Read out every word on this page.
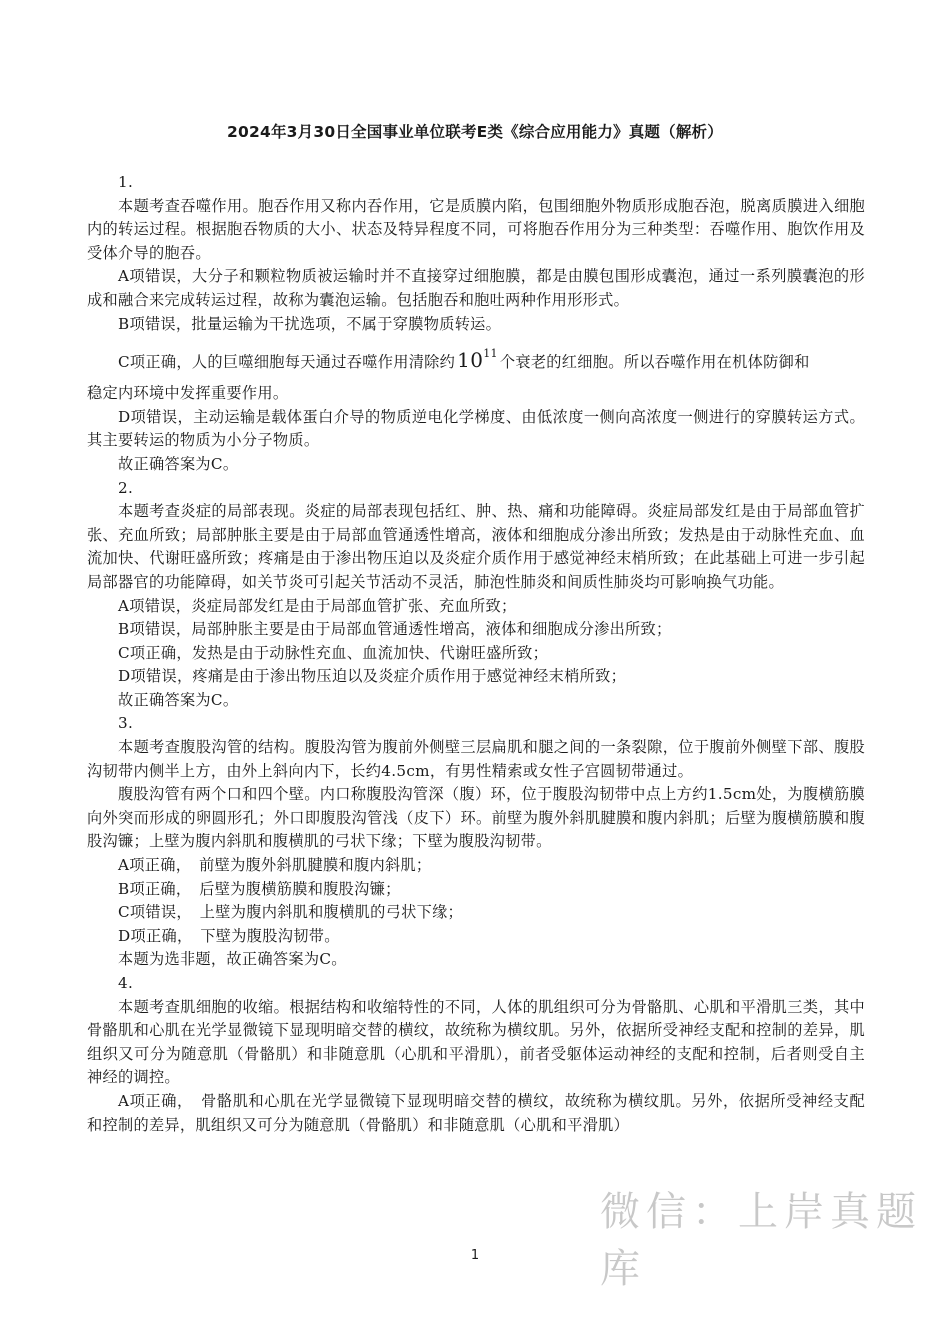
2024年3月30日全国事业单位联考E类《综合应用能力》真题（解析）

1.

本题考查吞噬作用。胞吞作用又称内吞作用，它是质膜内陷，包围细胞外物质形成胞吞泡，脱离质膜进入细胞内的转运过程。根据胞吞物质的大小、状态及特异程度不同，可将胞吞作用分为三种类型：吞噬作用、胞饮作用及受体介导的胞吞。

A项错误，大分子和颗粒物质被运输时并不直接穿过细胞膜，都是由膜包围形成囊泡，通过一系列膜囊泡的形成和融合来完成转运过程，故称为囊泡运输。包括胞吞和胞吐两种作用形形式。

B项错误，批量运输为干扰选项，不属于穿膜物质转运。

C项正确，人的巨噬细胞每天通过吞噬作用清除约 $10^{11}$ 个衰老的红细胞。所以吞噬作用在机体防御和

稳定内环境中发挥重要作用。

D项错误，主动运输是载体蛋白介导的物质逆电化学梯度、由低浓度一侧向高浓度一侧进行的穿膜转运方式。其主要转运的物质为小分子物质。

故正确答案为C。

2.

本题考查炎症的局部表现。炎症的局部表现包括红、肿、热、痛和功能障碍。炎症局部发红是由于局部血管扩张、充血所致；局部肿胀主要是由于局部血管通透性增高，液体和细胞成分渗出所致；发热是由于动脉性充血、血流加快、代谢旺盛所致；疼痛是由于渗出物压迫以及炎症介质作用于感觉神经末梢所致；在此基础上可进一步引起局部器官的功能障碍，如关节炎可引起关节活动不灵活，肺泡性肺炎和间质性肺炎均可影响换气功能。

A项错误，炎症局部发红是由于局部血管扩张、充血所致；

B项错误，局部肿胀主要是由于局部血管通透性增高，液体和细胞成分渗出所致；

C项正确，发热是由于动脉性充血、血流加快、代谢旺盛所致；

D项错误，疼痛是由于渗出物压迫以及炎症介质作用于感觉神经末梢所致；

故正确答案为C。

3.

本题考查腹股沟管的结构。腹股沟管为腹前外侧壁三层扁肌和腿之间的一条裂隙，位于腹前外侧壁下部、腹股沟韧带内侧半上方，由外上斜向内下，长约4.5cm，有男性精索或女性子宫圆韧带通过。

腹股沟管有两个口和四个壁。内口称腹股沟管深（腹）环，位于腹股沟韧带中点上方约1.5cm处，为腹横筋膜向外突而形成的卵圆形孔；外口即腹股沟管浅（皮下）环。前壁为腹外斜肌腱膜和腹内斜肌；后壁为腹横筋膜和腹股沟镰；上壁为腹内斜肌和腹横肌的弓状下缘；下壁为腹股沟韧带。

A项正确，　前壁为腹外斜肌腱膜和腹内斜肌；

B项正确，　后壁为腹横筋膜和腹股沟镰；

C项错误，　上壁为腹内斜肌和腹横肌的弓状下缘；

D项正确，　下壁为腹股沟韧带。

本题为选非题，故正确答案为C。

4.

本题考查肌细胞的收缩。根据结构和收缩特性的不同，人体的肌组织可分为骨骼肌、心肌和平滑肌三类，其中骨骼肌和心肌在光学显微镜下显现明暗交替的横纹，故统称为横纹肌。另外，依据所受神经支配和控制的差异，肌组织又可分为随意肌（骨骼肌）和非随意肌（心肌和平滑肌），前者受躯体运动神经的支配和控制，后者则受自主神经的调控。

A项正确，　骨骼肌和心肌在光学显微镜下显现明暗交替的横纹，故统称为横纹肌。另外，依据所受神经支配和控制的差异，肌组织又可分为随意肌（骨骼肌）和非随意肌（心肌和平滑肌）

微信：上岸真题库
1
